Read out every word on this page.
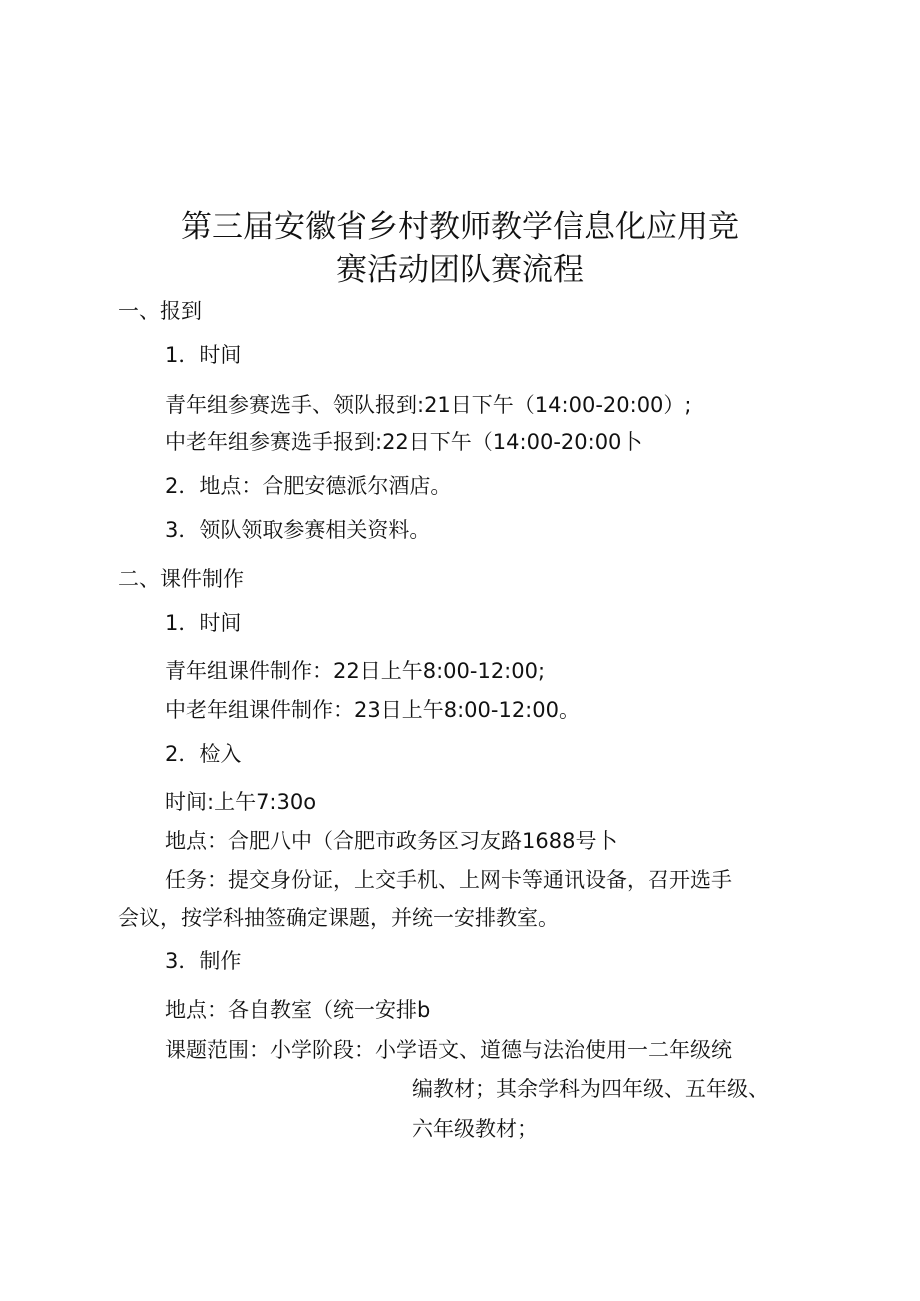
第三届安徽省乡村教师教学信息化应用竞
赛活动团队赛流程
一、报到
1．时间
青年组参赛选手、领队报到:21日下午（14:00-20:00）;
中老年组参赛选手报到:22日下午（14:00-20:00卜
2．地点：合肥安德派尔酒店。
3．领队领取参赛相关资料。
二、课件制作
1．时间
青年组课件制作：22日上午8:00-12:00;
中老年组课件制作：23日上午8:00-12:00。
2．检入
时间:上午7:30o
地点：合肥八中（合肥市政务区习友路1688号卜
任务：提交身份证，上交手机、上网卡等通讯设备，召开选手
会议，按学科抽签确定课题，并统一安排教室。
3．制作
地点：各自教室（统一安排b
课题范围：小学阶段：小学语文、道德与法治使用一二年级统
编教材；其余学科为四年级、五年级、
六年级教材；
